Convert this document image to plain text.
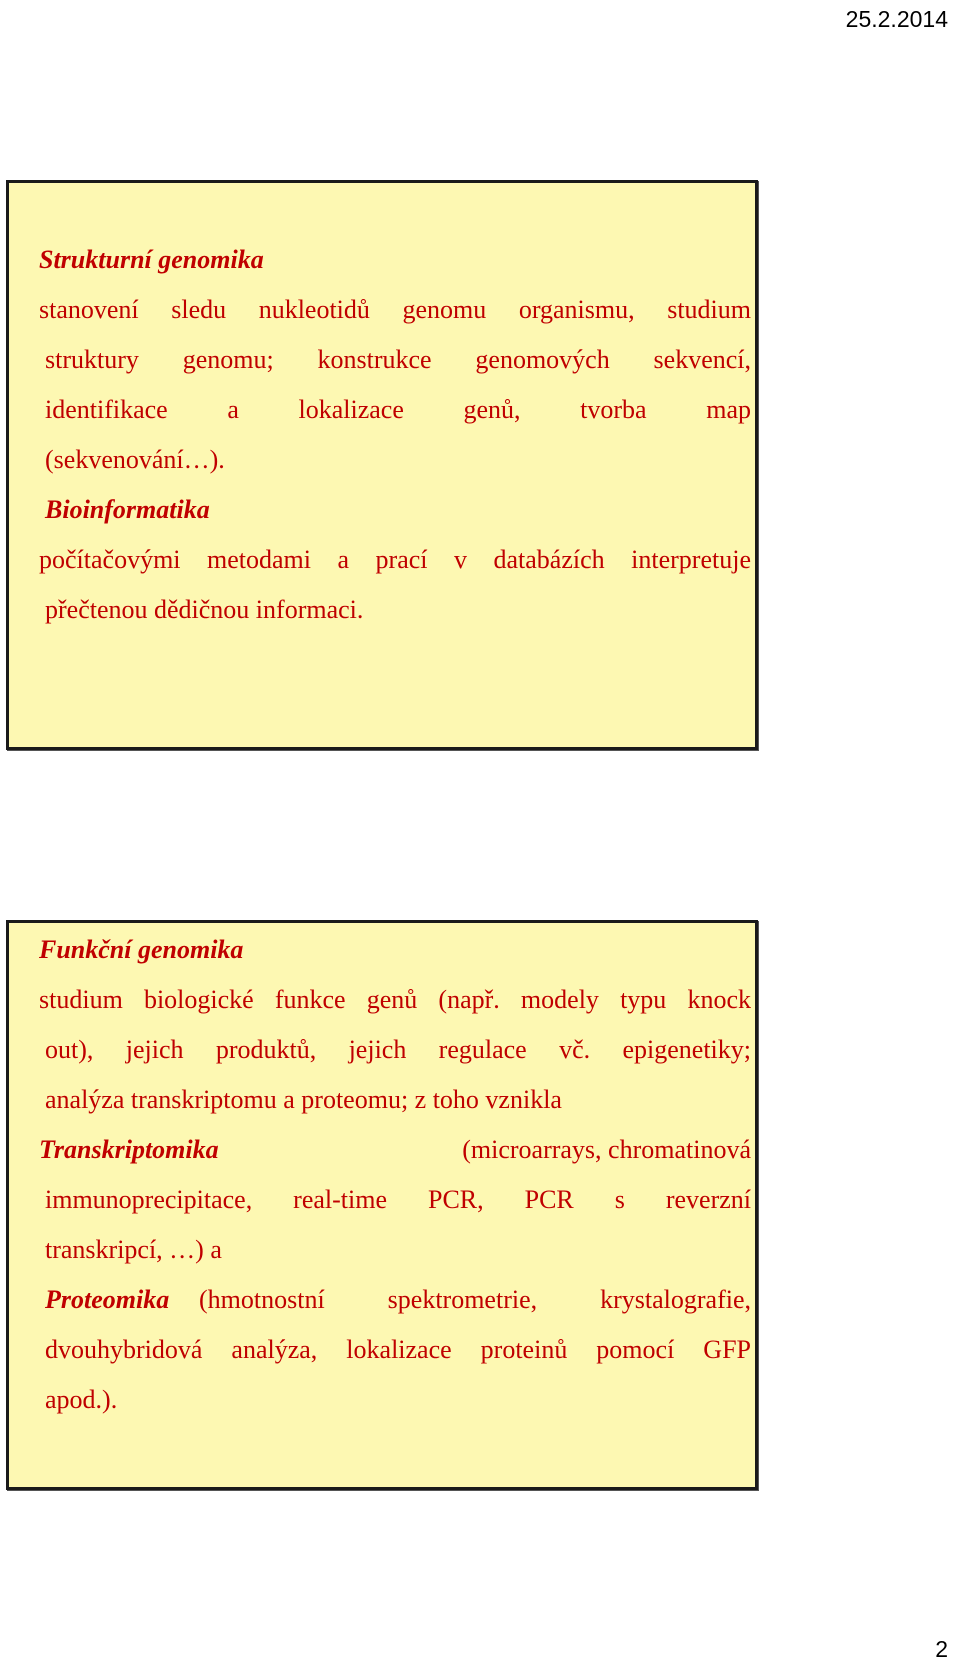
25.2.2014
Strukturní genomika
stanovení sledu nukleotidů genomu organismu, studium
struktury genomu; konstrukce genomových sekvencí,
identifikace a lokalizace genů, tvorba map
(sekvenování…).
Bioinformatika
počítačovými metodami a prací v databázích interpretuje
přečtenou dědičnou informaci.
Funkční genomika
studium biologické funkce genů (např. modely typu knock
out), jejich produktů, jejich regulace vč. epigenetiky;
analýza transkriptomu a proteomu; z toho vznikla
Transkriptomika	(microarrays, chromatinová
immunoprecipitace, real-time PCR, PCR s reverzní
transkripcí, …) a
Proteomika (hmotnostní spektrometrie, krystalografie,
dvouhybridová analýza, lokalizace proteinů pomocí GFP
apod.).
2
